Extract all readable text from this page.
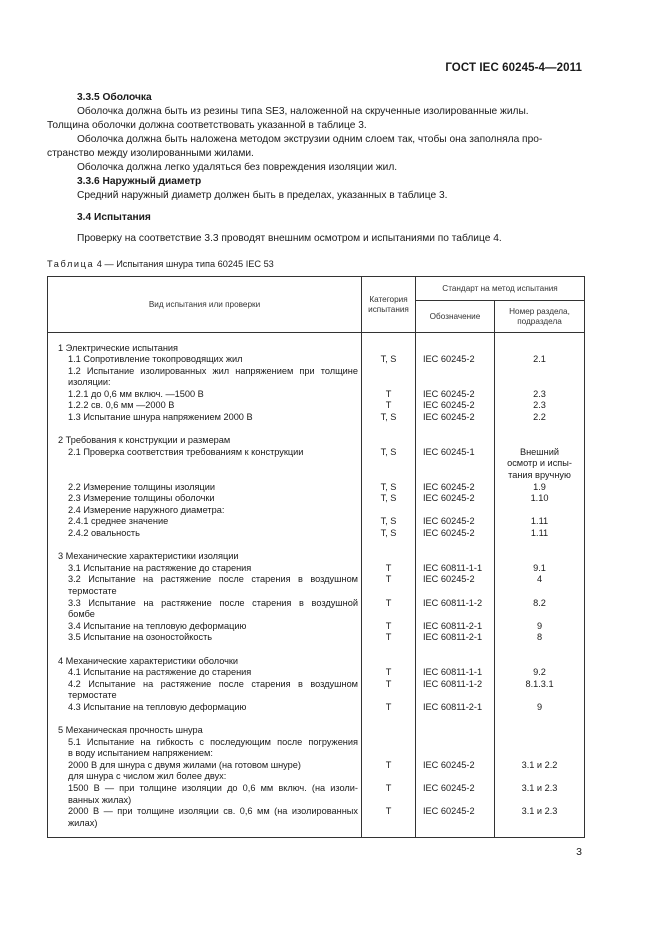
ГОСТ IEC 60245-4—2011
3.3.5 Оболочка
Оболочка должна быть из резины типа SE3, наложенной на скрученные изолированные жилы.
Толщина оболочки должна соответствовать указанной в таблице 3.
Оболочка должна быть наложена методом экструзии одним слоем так, чтобы она заполняла про-
странство между изолированными жилами.
Оболочка должна легко удаляться без повреждения изоляции жил.
3.3.6 Наружный диаметр
Средний наружный диаметр должен быть в пределах, указанных в таблице 3.
3.4 Испытания
Проверку на соответствие 3.3 проводят внешним осмотром и испытаниями по таблице 4.
Таблица 4 — Испытания шнура типа 60245 IEC 53
Вид испытания или проверки	Категория испытания	Стандарт на метод испытания	
		Обозначение	Номер раздела, подраздела

1 Электрические испытания			

1.1 Сопротивление токопроводящих жил	T, S	IEC 60245-2	2.1

1.2 Испытание изолированных жил напряжением при толщине
изоляции:			

1.2.1 до 0,6 мм включ. —1500 В	T	IEC 60245-2	2.3

1.2.2 св. 0,6 мм —2000 В	T	IEC 60245-2	2.3

1.3 Испытание шнура напряжением 2000 В	T, S	IEC 60245-2	2.2

2 Требования к конструкции и размерам			

2.1 Проверка соответствия требованиям к конструкции	T, S	IEC 60245-1	Внешний
осмотр и испы-
тания вручную

2.2 Измерение толщины изоляции	T, S	IEC 60245-2	1.9

2.3 Измерение толщины оболочки	T, S	IEC 60245-2	1.10

2.4 Измерение наружного диаметра:			

2.4.1 среднее значение	T, S	IEC 60245-2	1.11

2.4.2 овальность	T, S	IEC 60245-2	1.11

3 Механические характеристики изоляции			

3.1 Испытание на растяжение до старения	T	IEC 60811-1-1	9.1

3.2 Испытание на растяжение после старения в воздушном
термостате	T	IEC 60245-2	4

3.3 Испытание на растяжение после старения в воздушной
бомбе	T	IEC 60811-1-2	8.2

3.4 Испытание на тепловую деформацию	T	IEC 60811-2-1	9

3.5 Испытание на озоностойкость	T	IEC 60811-2-1	8

4 Механические характеристики оболочки			

4.1 Испытание на растяжение до старения	T	IEC 60811-1-1	9.2

4.2 Испытание на растяжение после старения в воздушном
термостате	T	IEC 60811-1-2	8.1.3.1

4.3 Испытание на тепловую деформацию	T	IEC 60811-2-1	9

5 Механическая прочность шнура			

5.1 Испытание на гибкость с последующим после погружения
в воду испытанием напряжением:			

2000 В для шнура с двумя жилами (на готовом шнуре)	T	IEC 60245-2	3.1 и 2.2

для шнура с числом жил более двух:			

1500 В — при толщине изоляции до 0,6 мм включ. (на изоли-
ванных жилах)	T	IEC 60245-2	3.1 и 2.3

2000 В — при толщине изоляции св. 0,6 мм (на изолированных
жилах)	T	IEC 60245-2	3.1 и 2.3

3
